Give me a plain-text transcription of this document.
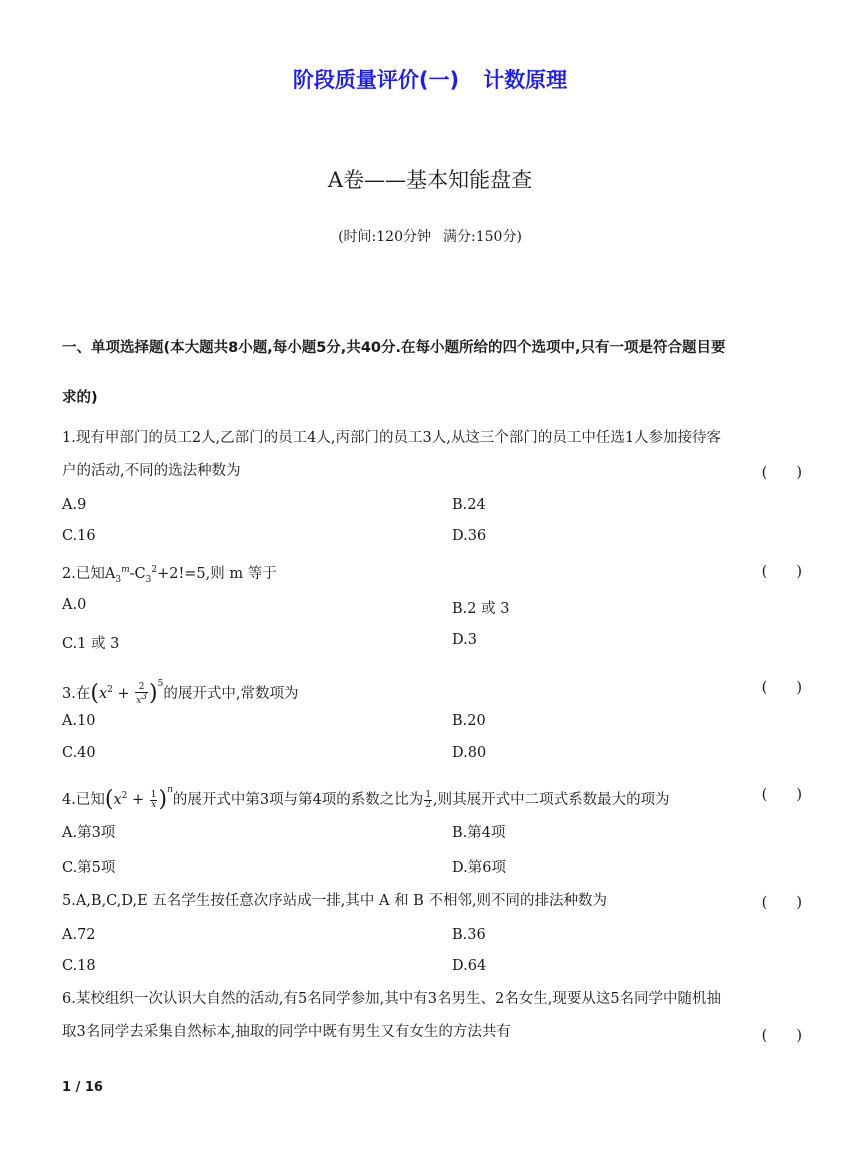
阶段质量评价(一) 计数原理
A卷——基本知能盘查
(时间:120分钟 满分:150分)
一、单项选择题(本大题共8小题,每小题5分,共40分.在每小题所给的四个选项中,只有一项是符合题目要
求的)
1.现有甲部门的员工2人,乙部门的员工4人,丙部门的员工3人,从这三个部门的员工中任选1人参加接待客
户的活动,不同的选法种数为	(　　)
A.9	B.24
C.16	D.36
2.已知$A_3^m-C_3^2+2!=5$,则 m 等于	(　　)
A.0	B.2 或 3
C.1 或 3	D.3
3.在$(x^2 + \frac{2}{x^3} )^5$的展开式中,常数项为	(　　)
A.10	B.20
C.40	D.80
4.已知$(x^2 + \frac{1}{x} )^n$的展开式中第3项与第4项的系数之比为 $\frac{1}{2}$ ,则其展开式中二项式系数最大的项为	(　　)
A.第3项	B.第4项
C.第5项	D.第6项
5.A,B,C,D,E 五名学生按任意次序站成一排,其中 A 和 B 不相邻,则不同的排法种数为	(　　)
A.72	B.36
C.18	D.64
6.某校组织一次认识大自然的活动,有5名同学参加,其中有3名男生、2名女生,现要从这5名同学中随机抽
取3名同学去采集自然标本,抽取的同学中既有男生又有女生的方法共有	(　　)
1 / 16
